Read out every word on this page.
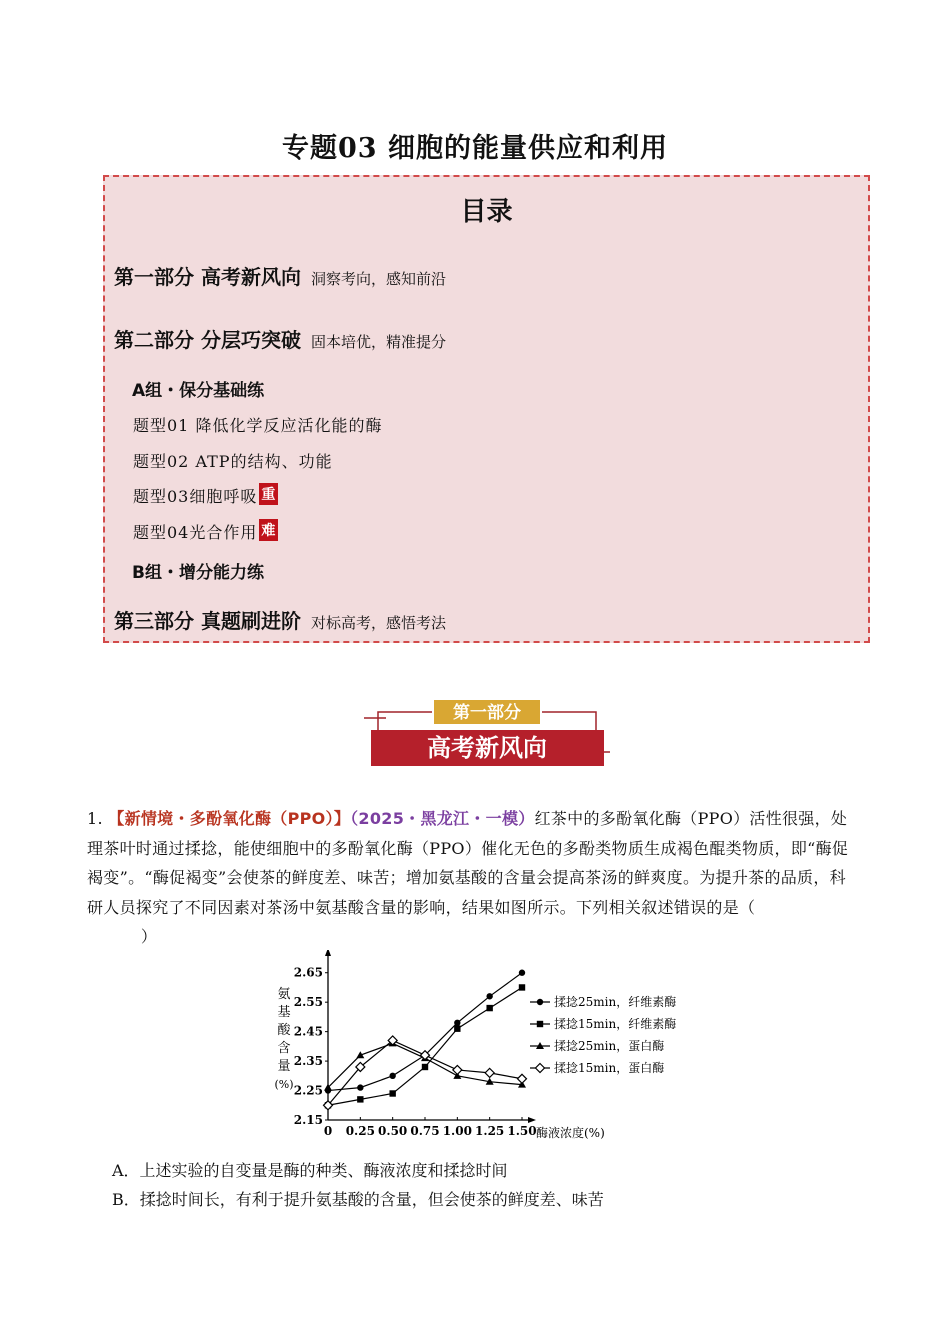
专题03 细胞的能量供应和利用
目录
第一部分 高考新风向 洞察考向，感知前沿
第二部分 分层巧突破 固本培优，精准提分
A组・保分基础练
题型01 降低化学反应活化能的酶
题型02 ATP的结构、功能
题型03细胞呼吸 重
题型04光合作用 难
B组・增分能力练
第三部分 真题刷进阶 对标高考，感悟考法
第一部分
高考新风向
1. 【新情境・多酚氧化酶（PPO）】（2025・黑龙江・一模）红茶中的多酚氧化酶（PPO）活性很强，处理茶叶时通过揉捻，能使细胞中的多酚氧化酶（PPO）催化无色的多酚类物质生成褐色醌类物质，即“酶促褐变”。“酶促褐变”会使茶的鲜度差、味苦；增加氨基酸的含量会提高茶汤的鲜爽度。为提升茶的品质，科研人员探究了不同因素对茶汤中氨基酸含量的影响，结果如图所示。下列相关叙述错误的是（
）
氨
基
酸
含
量
(%)
2.15
2.25
2.35
2.45
2.55
2.65
0 0.25 0.50 0.75 1.00 1.25 1.50 酶液浓度(%)
揉捻25min，纤维素酶
揉捻15min，纤维素酶
揉捻25min，蛋白酶
揉捻15min，蛋白酶
A．上述实验的自变量是酶的种类、酶液浓度和揉捻时间
B．揉捻时间长，有利于提升氨基酸的含量，但会使茶的鲜度差、味苦
